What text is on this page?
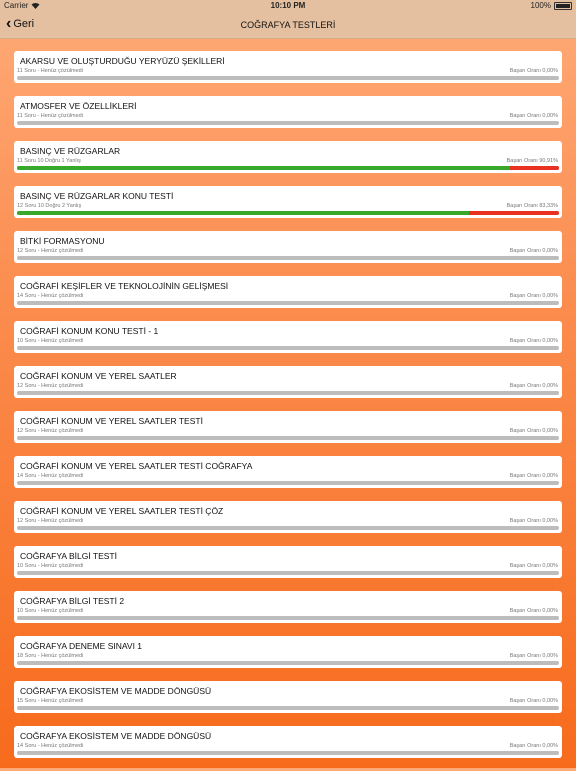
Carrier	10:10 PM	100%
‹ Geri	COĞRAFYA TESTLERİ
AKARSU VE OLUŞTURDUĞU YERYÜZÜ ŞEKİLLERİ
11 Soru - Henüz çözülmedi	Başarı Oranı 0,00%
ATMOSFER VE ÖZELLİKLERİ
11 Soru - Henüz çözülmedi	Başarı Oranı 0,00%
BASINÇ VE RÜZGARLAR
11 Soru 10 Doğru 1 Yanlış	Başarı Oranı 90,91%
BASINÇ VE RÜZGARLAR KONU TESTİ
12 Soru 10 Doğru 2 Yanlış	Başarı Oranı 83,33%
BİTKİ FORMASYONU
12 Soru - Henüz çözülmedi	Başarı Oranı 0,00%
COĞRAFİ KEŞİFLER VE TEKNOLOJİNİN GELİŞMESİ
14 Soru - Henüz çözülmedi	Başarı Oranı 0,00%
COĞRAFİ KONUM KONU TESTİ - 1
10 Soru - Henüz çözülmedi	Başarı Oranı 0,00%
COĞRAFİ KONUM VE YEREL SAATLER
12 Soru - Henüz çözülmedi	Başarı Oranı 0,00%
COĞRAFİ KONUM VE YEREL SAATLER TESTİ
12 Soru - Henüz çözülmedi	Başarı Oranı 0,00%
COĞRAFİ KONUM VE YEREL SAATLER TESTİ COĞRAFYA
14 Soru - Henüz çözülmedi	Başarı Oranı 0,00%
COĞRAFİ KONUM VE YEREL SAATLER TESTİ ÇÖZ
12 Soru - Henüz çözülmedi	Başarı Oranı 0,00%
COĞRAFYA BİLGİ TESTİ
10 Soru - Henüz çözülmedi	Başarı Oranı 0,00%
COĞRAFYA BİLGİ TESTİ 2
10 Soru - Henüz çözülmedi	Başarı Oranı 0,00%
COĞRAFYA DENEME SINAVI 1
18 Soru - Henüz çözülmedi	Başarı Oranı 0,00%
COĞRAFYA EKOSİSTEM VE MADDE DÖNGÜSÜ
15 Soru - Henüz çözülmedi	Başarı Oranı 0,00%
COĞRAFYA EKOSİSTEM VE MADDE DÖNGÜSÜ
14 Soru - Henüz çözülmedi	Başarı Oranı 0,00%
